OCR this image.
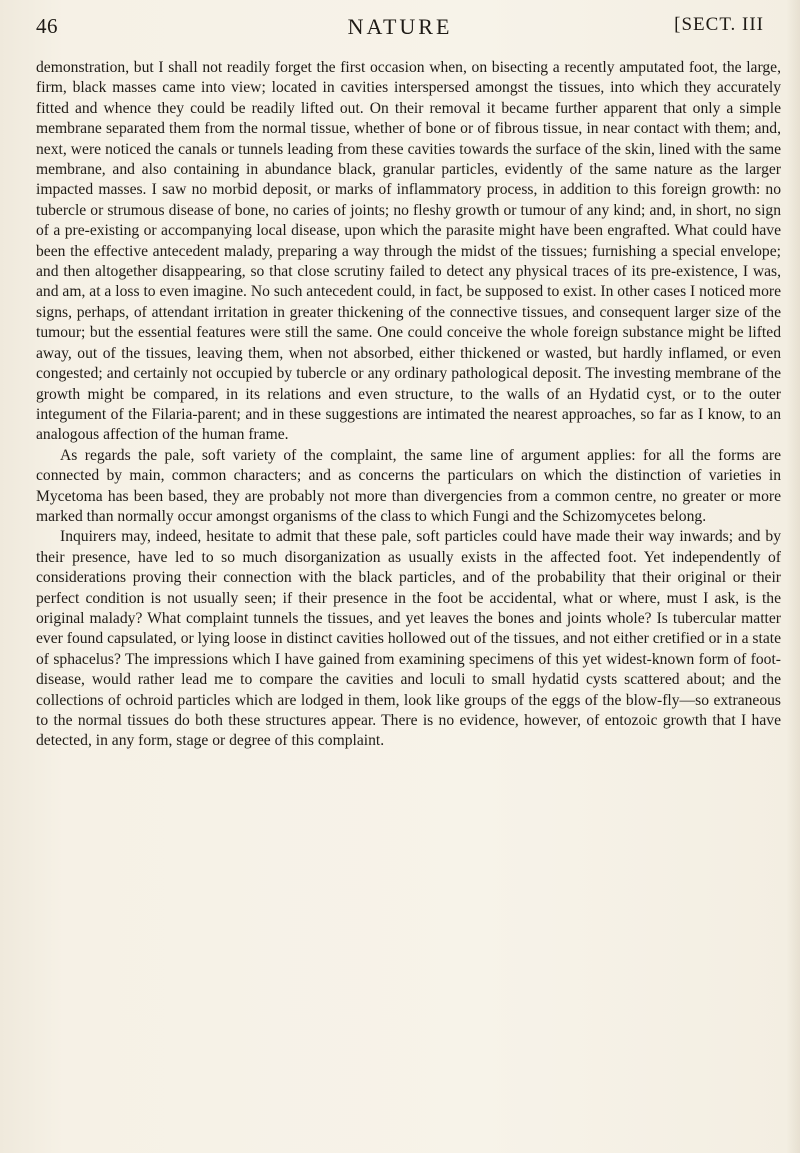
46	NATURE	[SECT. III

demonstration, but I shall not readily forget the first occasion when, on bisecting a recently amputated foot, the large, firm, black masses came into view; located in cavities interspersed amongst the tissues, into which they accurately fitted and whence they could be readily lifted out. On their removal it became further apparent that only a simple membrane separated them from the normal tissue, whether of bone or of fibrous tissue, in near contact with them; and, next, were noticed the canals or tunnels leading from these cavities towards the surface of the skin, lined with the same membrane, and also containing in abundance black, granular particles, evidently of the same nature as the larger impacted masses. I saw no morbid deposit, or marks of inflammatory process, in addition to this foreign growth: no tubercle or strumous disease of bone, no caries of joints; no fleshy growth or tumour of any kind; and, in short, no sign of a pre-existing or accompanying local disease, upon which the parasite might have been engrafted. What could have been the effective antecedent malady, preparing a way through the midst of the tissues; furnishing a special envelope; and then altogether disappearing, so that close scrutiny failed to detect any physical traces of its pre-existence, I was, and am, at a loss to even imagine. No such antecedent could, in fact, be supposed to exist. In other cases I noticed more signs, perhaps, of attendant irritation in greater thickening of the connective tissues, and consequent larger size of the tumour; but the essential features were still the same. One could conceive the whole foreign substance might be lifted away, out of the tissues, leaving them, when not absorbed, either thickened or wasted, but hardly inflamed, or even congested; and certainly not occupied by tubercle or any ordinary pathological deposit. The investing membrane of the growth might be compared, in its relations and even structure, to the walls of an Hydatid cyst, or to the outer integument of the Filaria-parent; and in these suggestions are intimated the nearest approaches, so far as I know, to an analogous affection of the human frame.

As regards the pale, soft variety of the complaint, the same line of argument applies: for all the forms are connected by main, common characters; and as concerns the particulars on which the distinction of varieties in Mycetoma has been based, they are probably not more than divergencies from a common centre, no greater or more marked than normally occur amongst organisms of the class to which Fungi and the Schizomycetes belong.

Inquirers may, indeed, hesitate to admit that these pale, soft particles could have made their way inwards; and by their presence, have led to so much disorganization as usually exists in the affected foot. Yet independently of considerations proving their connection with the black particles, and of the probability that their original or their perfect condition is not usually seen; if their presence in the foot be accidental, what or where, must I ask, is the original malady? What complaint tunnels the tissues, and yet leaves the bones and joints whole? Is tubercular matter ever found capsulated, or lying loose in distinct cavities hollowed out of the tissues, and not either cretified or in a state of sphacelus? The impressions which I have gained from examining specimens of this yet widest-known form of foot-disease, would rather lead me to compare the cavities and loculi to small hydatid cysts scattered about; and the collections of ochroid particles which are lodged in them, look like groups of the eggs of the blow-fly—so extraneous to the normal tissues do both these structures appear. There is no evidence, however, of entozoic growth that I have detected, in any form, stage or degree of this complaint.
